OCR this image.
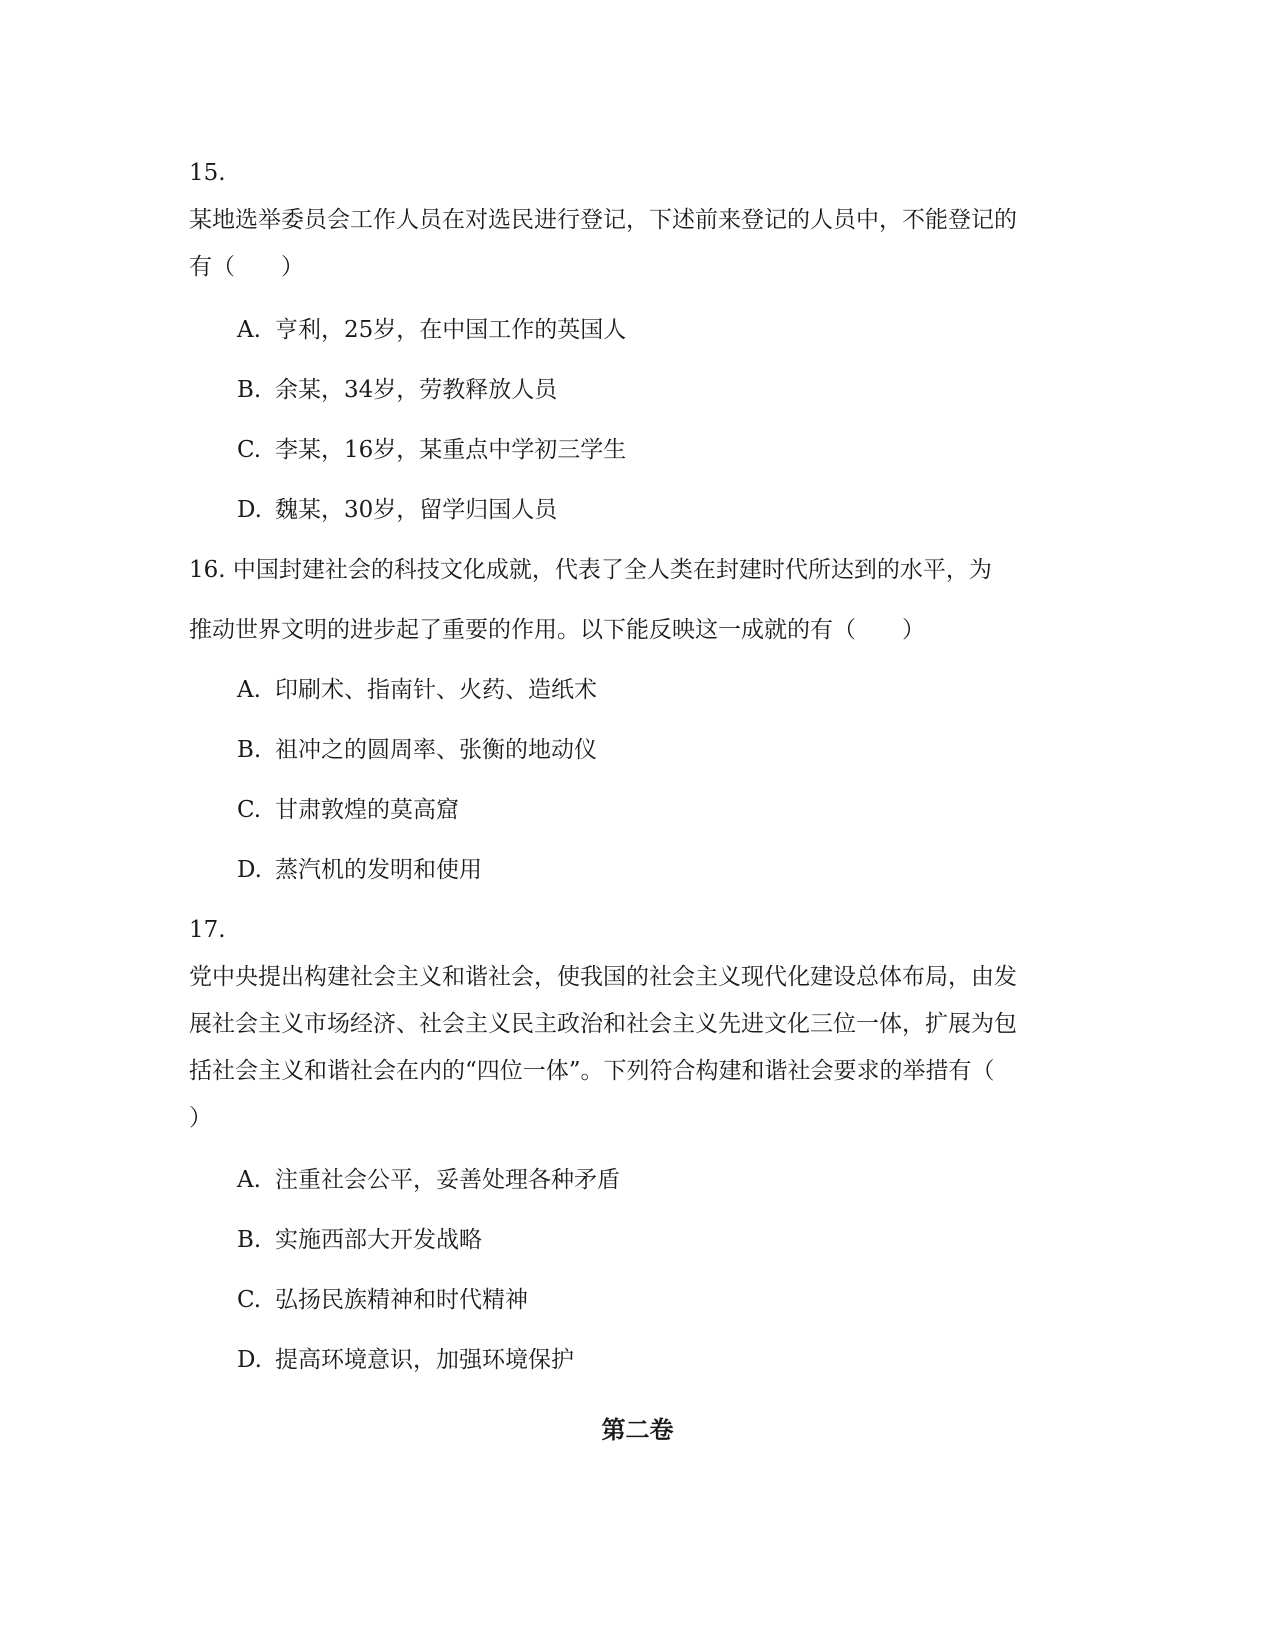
15.
某地选举委员会工作人员在对选民进行登记，下述前来登记的人员中，不能登记的
有（　　）
A. 亨利，25岁，在中国工作的英国人
B. 余某，34岁，劳教释放人员
C. 李某，16岁，某重点中学初三学生
D. 魏某，30岁，留学归国人员
16. 中国封建社会的科技文化成就，代表了全人类在封建时代所达到的水平，为
推动世界文明的进步起了重要的作用。以下能反映这一成就的有（　　）
A. 印刷术、指南针、火药、造纸术
B. 祖冲之的圆周率、张衡的地动仪
C. 甘肃敦煌的莫高窟
D. 蒸汽机的发明和使用
17.
党中央提出构建社会主义和谐社会，使我国的社会主义现代化建设总体布局，由发
展社会主义市场经济、社会主义民主政治和社会主义先进文化三位一体，扩展为包
括社会主义和谐社会在内的“四位一体”。下列符合构建和谐社会要求的举措有（
）
A. 注重社会公平，妥善处理各种矛盾
B. 实施西部大开发战略
C. 弘扬民族精神和时代精神
D. 提高环境意识，加强环境保护
第二卷
